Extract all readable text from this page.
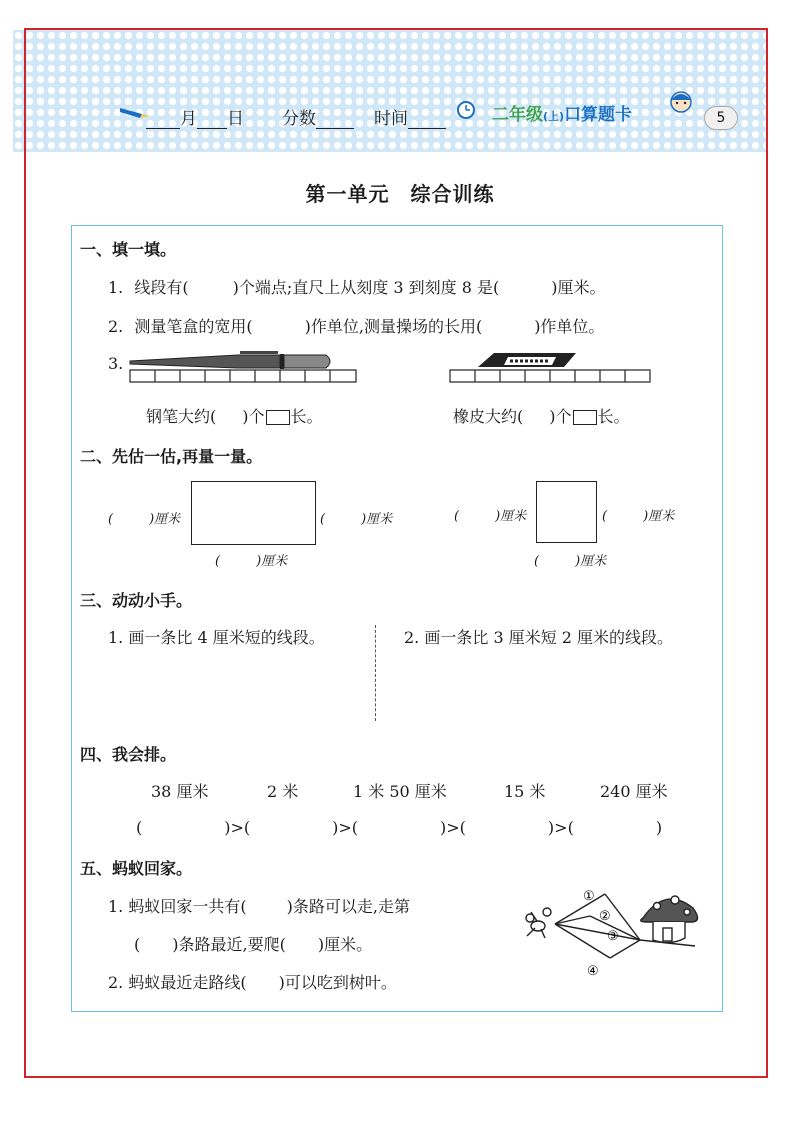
月 日 分数	时间	二年级(上)口算题卡	5
第一单元　综合训练
一、填一填。
1. 线段有(	)个端点;直尺上从刻度 3 到刻度 8 是(	)厘米。
2. 测量笔盒的宽用(	)作单位,测量操场的长用(	)作单位。
3.
钢笔大约( )个 长。	橡皮大约( )个 长。
二、先估一估,再量一量。
(	)厘米	(	)厘米
(	)厘米
(	)厘米	(	)厘米
(	)厘米
三、动动小手。
1. 画一条比 4 厘米短的线段。	2. 画一条比 3 厘米短 2 厘米的线段。
四、我会排。
38 厘米	2 米	1 米 50 厘米	15 米	240 厘米
(	)>(	)>(	)>(	)>(	)
五、蚂蚁回家。
1. 蚂蚁回家一共有(	)条路可以走,走第
( )条路最近,要爬( )厘米。
2. 蚂蚁最近走路线( )可以吃到树叶。
①
②
③
④
